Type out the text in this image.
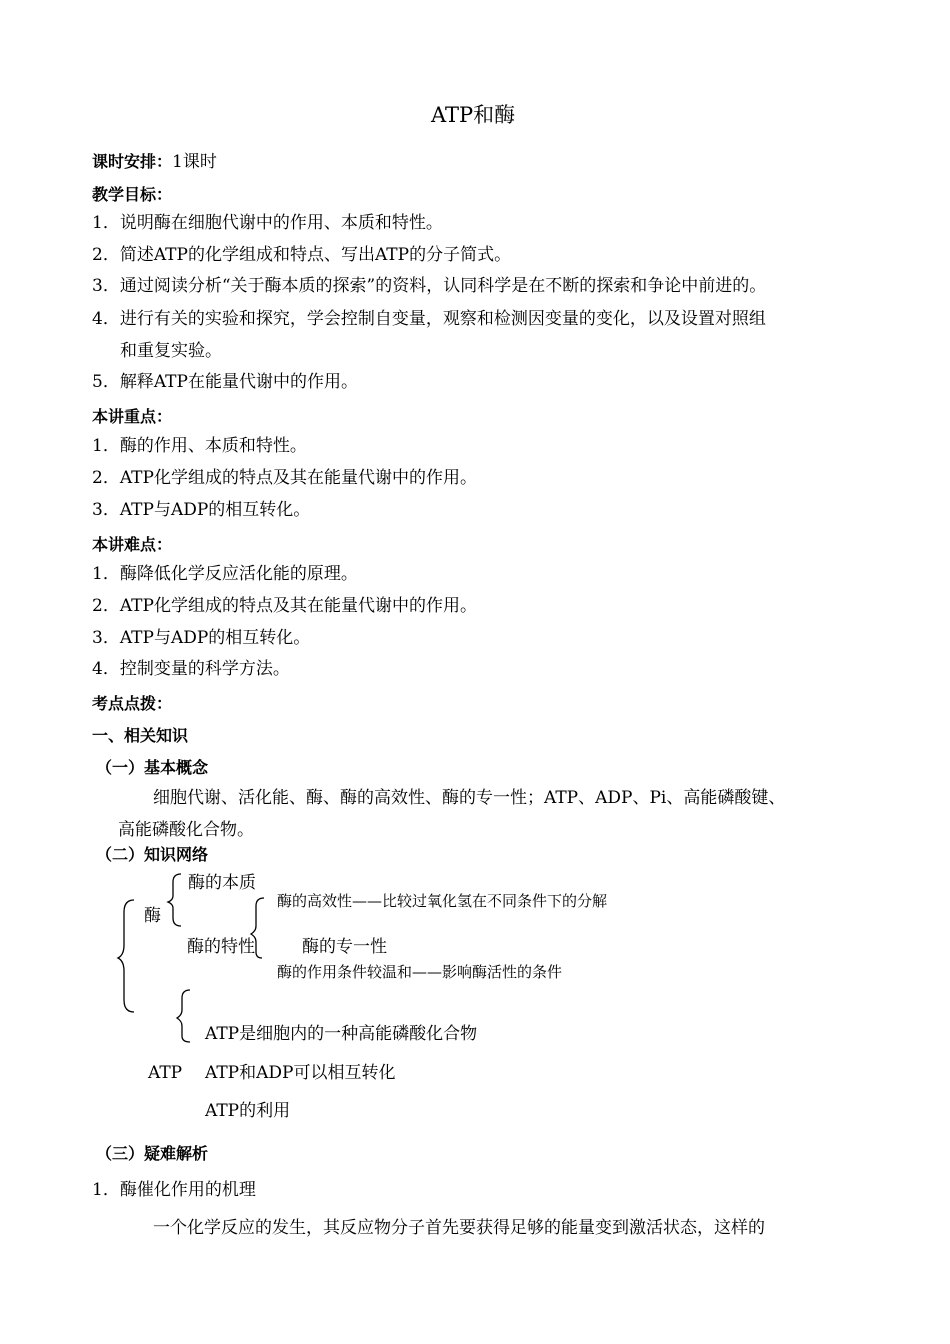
ATP和酶
课时安排：1课时
教学目标：
1．说明酶在细胞代谢中的作用、本质和特性。
2．简述ATP的化学组成和特点、写出ATP的分子简式。
3．通过阅读分析“关于酶本质的探索”的资料，认同科学是在不断的探索和争论中前进的。
4．进行有关的实验和探究，学会控制自变量，观察和检测因变量的变化，以及设置对照组
和重复实验。
5．解释ATP在能量代谢中的作用。
本讲重点：
1．酶的作用、本质和特性。
2．ATP化学组成的特点及其在能量代谢中的作用。
3．ATP与ADP的相互转化。
本讲难点：
1．酶降低化学反应活化能的原理。
2．ATP化学组成的特点及其在能量代谢中的作用。
3．ATP与ADP的相互转化。
4．控制变量的科学方法。
考点点拨：
一、相关知识
（一）基本概念
细胞代谢、活化能、酶、酶的高效性、酶的专一性；ATP、ADP、Pi、高能磷酸键、
高能磷酸化合物。
（二）知识网络
酶
酶的本质
酶的高效性——比较过氧化氢在不同条件下的分解
酶的特性	酶的专一性
酶的作用条件较温和——影响酶活性的条件
ATP是细胞内的一种高能磷酸化合物
ATP ATP和ADP可以相互转化
ATP的利用
（三）疑难解析
1．酶催化作用的机理
一个化学反应的发生，其反应物分子首先要获得足够的能量变到激活状态，这样的
